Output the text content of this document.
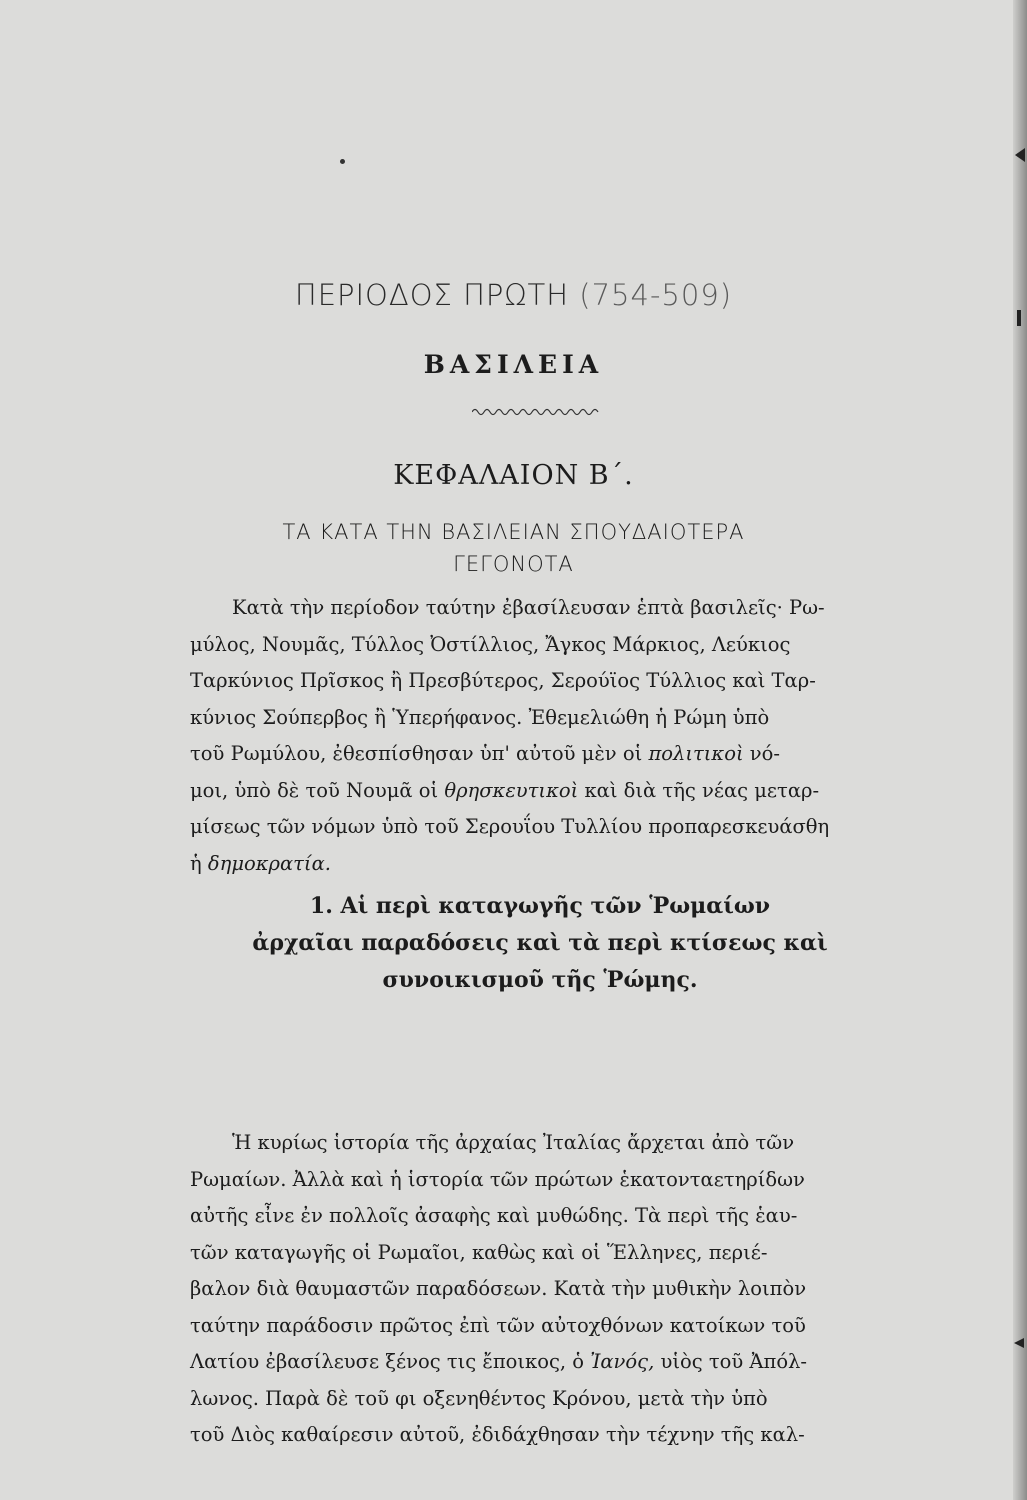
ΠΕΡΙΟΔΟΣ ΠΡΩΤΗ (754-509)
ΒΑΣΙΛΕΙΑ
ΚΕΦΑΛΑΙΟΝ Β΄.
ΤΑ ΚΑΤΑ ΤΗΝ ΒΑΣΙΛΕΙΑΝ ΣΠΟΥΔΑΙΟΤΕΡΑ
ΓΕΓΟΝΟΤΑ
Κατὰ τὴν περίοδον ταύτην ἐβασίλευσαν ἑπτὰ βασιλεῖς· Ρω-
μύλος, Νουμᾶς, Τύλλος Ὀστίλλιος, Ἄγκος Μάρκιος, Λεύκιος
Ταρκύνιος Πρῖσκος ἢ Πρεσβύτερος, Σερούϊος Τύλλιος καὶ Ταρ-
κύνιος Σούπερβος ἢ Ὑπερήφανος. Ἐθεμελιώθη ἡ Ρώμη ὑπὸ
τοῦ Ρωμύλου, ἐθεσπίσθησαν ὑπ' αὐτοῦ μὲν οἱ πολιτικοὶ νό-
μοι, ὑπὸ δὲ τοῦ Νουμᾶ οἱ θρησκευτικοὶ καὶ διὰ τῆς νέας μεταρ-
μίσεως τῶν νόμων ὑπὸ τοῦ Σερουΐου Τυλλίου προπαρεσκευάσθη
ἡ δημοκρατία.
1. Αἱ περὶ καταγωγῆς τῶν Ῥωμαίων
ἀρχαῖαι παραδόσεις καὶ τὰ περὶ κτίσεως καὶ
συνοικισμοῦ τῆς Ῥώμης.
Ἡ κυρίως ἱστορία τῆς ἀρχαίας Ἰταλίας ἄρχεται ἀπὸ τῶν
Ρωμαίων. Ἀλλὰ καὶ ἡ ἱστορία τῶν πρώτων ἑκατονταετηρίδων
αὐτῆς εἶνε ἐν πολλοῖς ἀσαφὴς καὶ μυθώδης. Τὰ περὶ τῆς ἑαυ-
τῶν καταγωγῆς οἱ Ρωμαῖοι, καθὼς καὶ οἱ Ἕλληνες, περιέ-
βαλον διὰ θαυμαστῶν παραδόσεων. Κατὰ τὴν μυθικὴν λοιπὸν
ταύτην παράδοσιν πρῶτος ἐπὶ τῶν αὐτοχθόνων κατοίκων τοῦ
Λατίου ἐβασίλευσε ξένος τις ἔποικος, ὁ Ἰανός, υἱὸς τοῦ Ἀπόλ-
λωνος. Παρὰ δὲ τοῦ φι οξενηθέντος Κρόνου, μετὰ τὴν ὑπὸ
τοῦ Διὸς καθαίρεσιν αὐτοῦ, ἐδιδάχθησαν τὴν τέχνην τῆς καλ-
